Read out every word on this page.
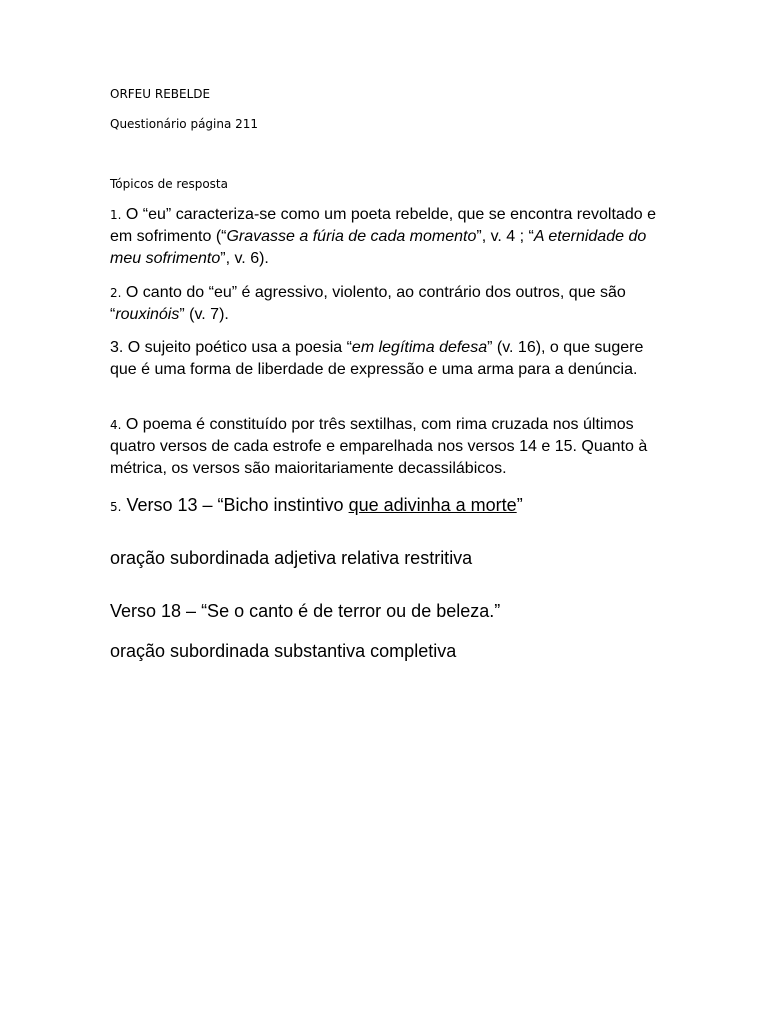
ORFEU REBELDE
Questionário página 211
Tópicos de resposta
1. O “eu” caracteriza-se como um poeta rebelde, que se encontra revoltado e em sofrimento (“Gravasse a fúria de cada momento”, v. 4 ; “A eternidade do meu sofrimento”, v. 6).
2. O canto do “eu” é agressivo, violento, ao contrário dos outros, que são “rouxinóis” (v. 7).
3. O sujeito poético usa a poesia “em legítima defesa” (v. 16), o que sugere que é uma forma de liberdade de expressão e uma arma para a denúncia.
4. O poema é constituído por três sextilhas, com rima cruzada nos últimos quatro versos de cada estrofe e emparelhada nos versos 14 e 15. Quanto à métrica, os versos são maioritariamente decassilábicos.
5. Verso 13 – “Bicho instintivo que adivinha a morte”
oração subordinada adjetiva relativa restritiva
Verso 18 – “Se o canto é de terror ou de beleza.”
oração subordinada substantiva completiva
